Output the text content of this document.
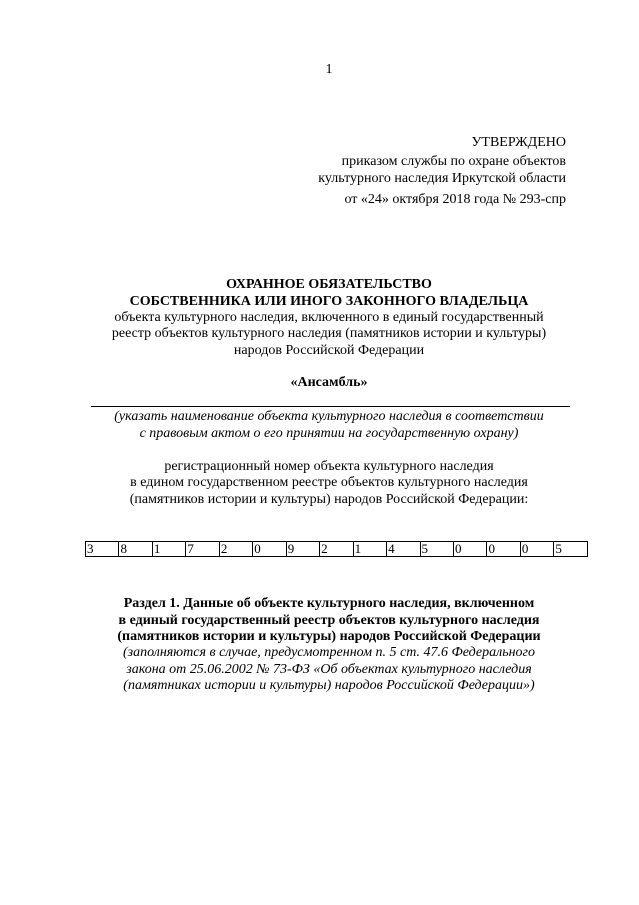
1
УТВЕРЖДЕНО
приказом службы по охране объектов
культурного наследия Иркутской области
от «24» октября 2018 года № 293-спр
ОХРАННОЕ ОБЯЗАТЕЛЬСТВО
СОБСТВЕННИКА ИЛИ ИНОГО ЗАКОННОГО ВЛАДЕЛЬЦА
объекта культурного наследия, включенного в единый государственный
реестр объектов культурного наследия (памятников истории и культуры)
народов Российской Федерации
«Ансамбль»
(указать наименование объекта культурного наследия в соответствии
с правовым актом о его принятии на государственную охрану)
регистрационный номер объекта культурного наследия
в едином государственном реестре объектов культурного наследия
(памятников истории и культуры) народов Российской Федерации:
3	8	1	7	2	0	9	2	1	4	5	0	0	0	5
Раздел 1. Данные об объекте культурного наследия, включенном
в единый государственный реестр объектов культурного наследия
(памятников истории и культуры) народов Российской Федерации
(заполняются в случае, предусмотренном п. 5 ст. 47.6 Федерального
закона от 25.06.2002 № 73-ФЗ «Об объектах культурного наследия
(памятниках истории и культуры) народов Российской Федерации»)
